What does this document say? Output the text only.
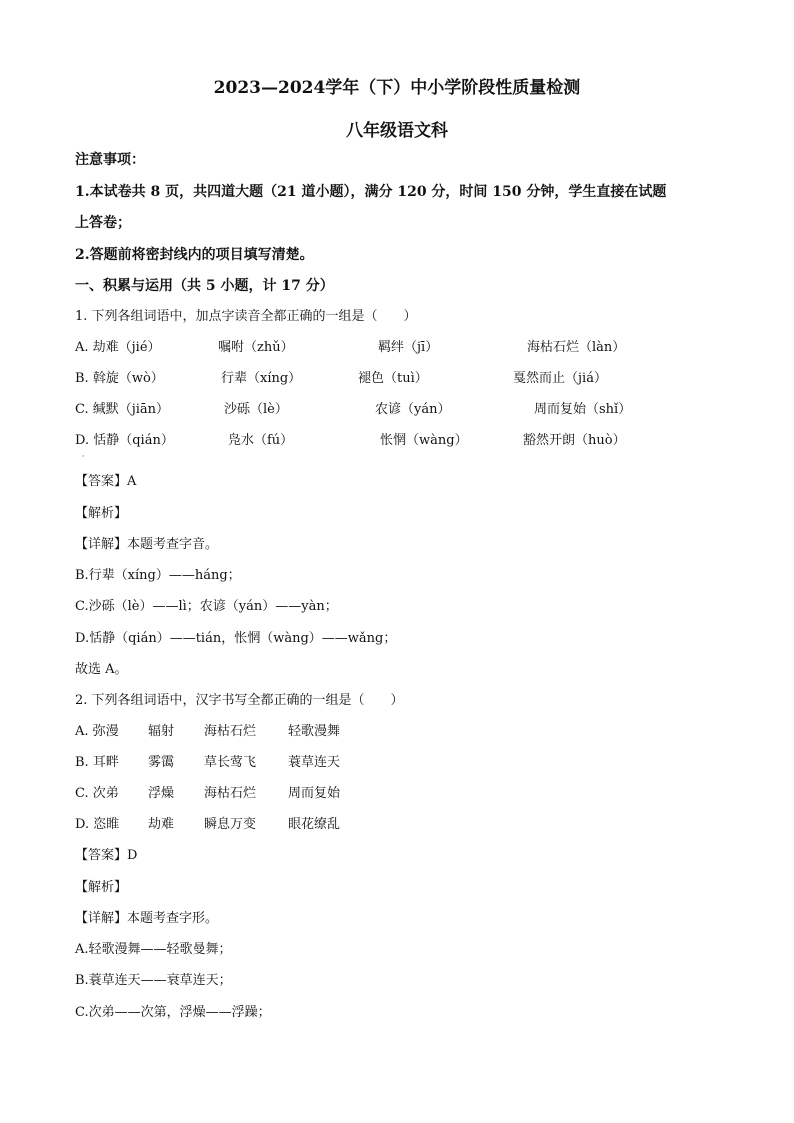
2023—2024学年（下）中小学阶段性质量检测
八年级语文科
注意事项：
1.本试卷共 8 页，共四道大题（21 道小题），满分 120 分，时间 150 分钟，学生直接在试题
上答卷；
2.答题前将密封线内的项目填写清楚。
一、积累与运用（共 5 小题，计 17 分）
1. 下列各组词语中，加点字读音全都正确的一组是（　　）
A. 劫难（jié）	嘱咐（zhǔ）	羁绊（jī）	海枯石烂（làn）
B. 斡旋（wò）	行辈（xíng）	褪色（tuì）	戛然而止（jiá）
C. 缄默（jiān）	沙砾（lè）	农谚（yán）	周而复始（shǐ）
D. 恬静（qián）	凫水（fú）	怅惘（wàng）	豁然开朗（huò）
·
【答案】A
【解析】
【详解】本题考查字音。
B.行辈（xíng）——háng；
C.沙砾（lè）——lì；农谚（yán）——yàn；
D.恬静（qián）——tián，怅惘（wàng）——wǎng；
故选 A。
2. 下列各组词语中，汉字书写全都正确的一组是（　　）
A. 弥漫 辐射 海枯石烂 轻歌漫舞
B. 耳畔 雾霭 草长莺飞 蓑草连天
C. 次弟 浮燥 海枯石烂 周而复始
D. 恣睢 劫难 瞬息万变 眼花缭乱
【答案】D
【解析】
【详解】本题考查字形。
A.轻歌漫舞——轻歌曼舞；
B.蓑草连天——衰草连天；
C.次弟——次第，浮燥——浮躁；
